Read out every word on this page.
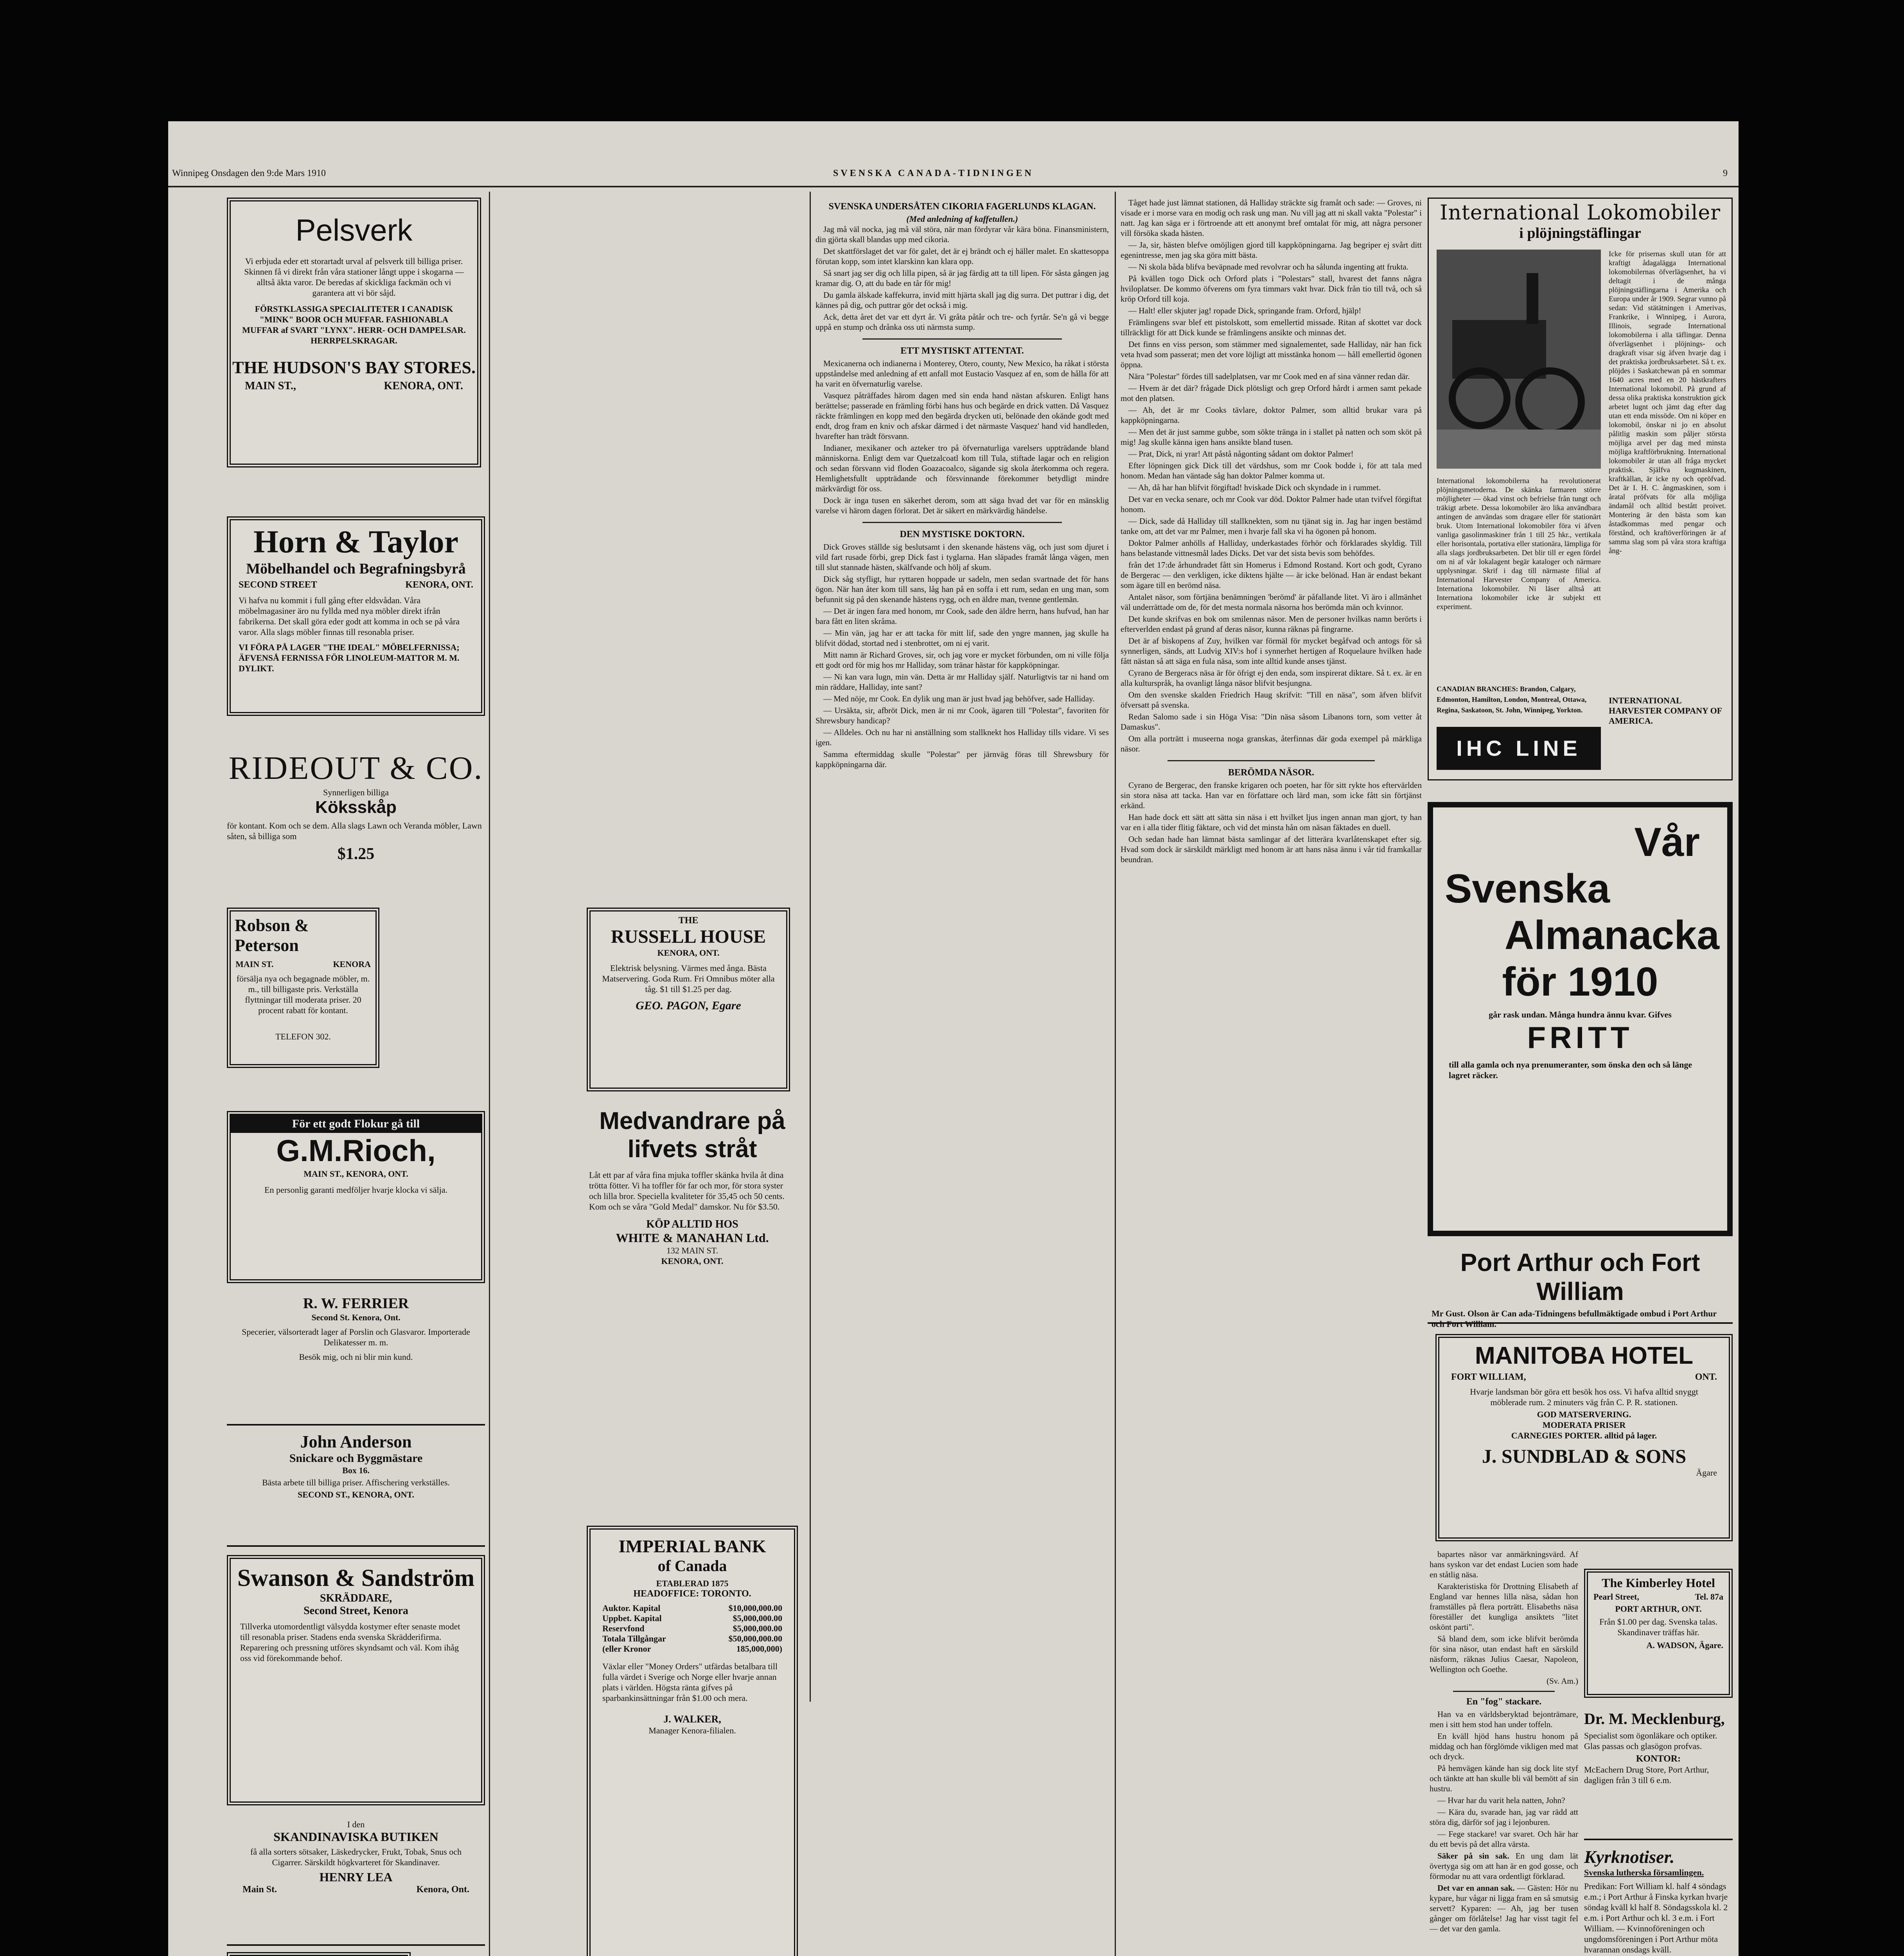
Winnipeg Onsdagen den 9:de Mars 1910	SVENSKA CANADA-TIDNINGEN	9
Pelsverk
Vi erbjuda eder ett storartadt urval af pelsverk till billiga priser. Skinnen få vi direkt från våra stationer långt uppe i skogarna — alltså äkta varor. De beredas af skickliga fackmän och vi garantera att vi bör såjd.
FÖRSTKLASSIGA SPECIALITETER I CANADISK "MINK" BOOR OCH MUFFAR. FASHIONABLA MUFFAR af SVART "LYNX". HERR- OCH DAMPELSAR. HERRPELSKRAGAR.
THE HUDSON'S BAY STORES.
MAIN ST.,	KENORA, ONT.
Horn & Taylor
Möbelhandel och Begrafningsbyrå
SECOND STREET	KENORA, ONT.
Vi hafva nu kommit i full gång efter eldsvådan. Våra möbelmagasiner äro nu fyllda med nya möbler direkt ifrån fabrikerna. Det skall göra eder godt att komma in och se på våra varor. Alla slags möbler finnas till resonabla priser.
VI FÖRA PÅ LAGER "THE IDEAL" MÖBELFERNISSA; ÄFVENSÅ FERNISSA FÖR LINOLEUM-MATTOR M. M. DYLIKT.
RIDEOUT & CO.
Synnerligen billiga
Köksskåp
för kontant. Kom och se dem. Alla slags Lawn och Veranda möbler, Lawn såten, så billiga som
$1.25
Robson & Peterson
MAIN ST.	KENORA
försälja nya och begagnade möbler, m. m., till billigaste pris. Verkställa flyttningar till moderata priser. 20 procent rabatt för kontant.
TELEFON 302.
THE
RUSSELL HOUSE
KENORA, ONT.
Elektrisk belysning. Värmes med ånga. Bästa Matservering. Goda Rum. Fri Omnibus möter alla tåg. $1 till $1.25 per dag.
GEO. PAGON, Egare
För ett godt Flokur gå till
G.M.Rioch,
MAIN ST., KENORA, ONT.
En personlig garanti medföljer hvarje klocka vi sälja.
R. W. FERRIER
Second St. Kenora, Ont.
Specerier, välsorteradt lager af Porslin och Glasvaror. Importerade Delikatesser m. m.
Besök mig, och ni blir min kund.
John Anderson
Snickare och Byggmästare
Box 16.
Bästa arbete till billiga priser. Affischering verkställes.
SECOND ST., KENORA, ONT.
Swanson & Sandström
SKRÄDDARE,
Second Street, Kenora
Tillverka utomordentligt välsydda kostymer efter senaste modet till resonabla priser. Stadens enda svenska Skrädderifirma. Reparering och pressning utföres skyndsamt och väl. Kom ihåg oss vid förekommande behof.
I den
SKANDINAVISKA BUTIKEN
få alla sorters sötsaker, Läskedrycker, Frukt, Tobak, Snus och Cigarrer. Särskildt högkvarteret för Skandinaver.
HENRY LEA
Main St.	Kenora, Ont.
Medvandrare på lifvets stråt
Låt ett par af våra fina mjuka toffler skänka hvila åt dina trötta fötter. Vi ha toffler för far och mor, för stora syster och lilla bror. Speciella kvaliteter för 35,45 och 50 cents. Kom och se våra "Gold Medal" damskor. Nu för $3.50.
KÖP ALLTID HOS
WHITE & MANAHAN Ltd.
132 MAIN ST.
KENORA, ONT.
IMPERIAL BANK
of Canada
ETABLERAD 1875
HEADOFFICE: TORONTO.
Auktor. Kapital	$10,000,000.00
Uppbet. Kapital	$5,000,000.00
Reservfond	$5,000,000.00
Totala Tillgångar	$50,000,000.00
(eller Kronor	185,000,000)
Växlar eller "Money Orders" utfärdas betalbara till fulla värdet i Sverige och Norge eller hvarje annan plats i världen. Högsta ränta gifves på sparbankinsättningar från $1.00 och mera.
J. WALKER,
Manager Kenora-filialen.
SVENSKA UNDERSÅTEN CIKORIA FAGERLUNDS KLAGAN.
(Med anledning af kaffetullen.)

Jag må väl nocka, jag må väl störa, när man fördyrar vår kära böna. Finansministern, din gjörta skall blandas upp med cikoria.

Det skattförslaget det var för galet, det är ej brändt och ej häller malet. En skattesoppa förutan kopp, som intet klarskinn kan klara opp.

Så snart jag ser dig och lilla pipen, så är jag färdig att ta till lipen. För såsta gången jag kramar dig. O, att du bade en tår för mig!

Du gamla älskade kaffekurra, invid mitt hjärta skall jag dig surra. Det puttrar i dig, det kännes på dig, och puttrar gör det också i mig.

Ack, detta året det var ett dyrt år. Vi gråta påtår och tre- och fyrtår. Se'n gå vi begge uppå en stump och drånka oss uti närmsta sump.

ETT MYSTISKT ATTENTAT.

Mexicanerna och indianerna i Monterey, Otero, county, New Mexico, ha råkat i största uppståndelse med anledning af ett anfall mot Eustacio Vasquez af en, som de hålla för att ha varit en öfvernaturlig varelse.

Vasquez påträffades härom dagen med sin enda hand nästan afskuren. Enligt hans berättelse; passerade en främling förbi hans hus och begärde en drick vatten. Då Vasquez räckte främlingen en kopp med den begärda drycken uti, belönade den okände godt med endt, drog fram en kniv och afskar därmed i det närmaste Vasquez' hand vid handleden, hvarefter han trädt försvann.

Indianer, mexikaner och azteker tro på öfvernaturliga varelsers uppträdande bland människorna. Enligt dem var Quetzalcoatl kom till Tula, stiftade lagar och en religion och sedan försvann vid floden Goazacoalco, sägande sig skola återkomma och regera. Hemlighetsfullt uppträdande och försvinnande förekommer betydligt mindre märkvärdigt för oss.

Dock är inga tusen en säkerhet derom, som att säga hvad det var för en mänsklig varelse vi härom dagen förlorat. Det är säkert en märkvärdig händelse.

DEN MYSTISKE DOKTORN.

Dick Groves ställde sig beslutsamt i den skenande hästens väg, och just som djuret i vild fart rusade förbi, grep Dick fast i tyglarna. Han släpades framåt långa vägen, men till slut stannade hästen, skälfvande och hölj af skum.

Dick såg styfligt, hur ryttaren hoppade ur sadeln, men sedan svartnade det för hans ögon. När han åter kom till sans, låg han på en soffa i ett rum, sedan en ung man, som befunnit sig på den skenande hästens rygg, och en äldre man, tvenne gentlemän.

— Det är ingen fara med honom, mr Cook, sade den äldre herrn, hans hufvud, han har bara fått en liten skråma.

— Min vän, jag har er att tacka för mitt lif, sade den yngre mannen, jag skulle ha blifvit dödad, stortad ned i stenbrottet, om ni ej varit.

Mitt namn är Richard Groves, sir, och jag vore er mycket förbunden, om ni ville följa ett godt ord för mig hos mr Halliday, som tränar hästar för kappköpningar.

— Ni kan vara lugn, min vän. Detta är mr Halliday själf. Naturligtvis tar ni hand om min räddare, Halliday, inte sant?

— Med nöje, mr Cook. En dylik ung man är just hvad jag behöfver, sade Halliday.

— Ursäkta, sir, afbröt Dick, men är ni mr Cook, ägaren till "Polestar", favoriten för Shrewsbury handicap?

— Alldeles. Och nu har ni anställning som stallknekt hos Halliday tills vidare. Vi ses igen.

Samma eftermiddag skulle "Polestar" per järnväg föras till Shrewsbury för kappköpningarna där.

Tåget hade just lämnat stationen, då Halliday sträckte sig framåt och sade: — Groves, ni visade er i morse vara en modig och rask ung man. Nu vill jag att ni skall vakta "Polestar" i natt. Jag kan säga er i förtroende att ett anonymt bref omtalat för mig, att några personer vill försöka skada hästen.

— Ja, sir, hästen blefve omöjligen gjord till kappköpningarna. Jag begriper ej svårt ditt egenintresse, men jag ska göra mitt bästa.

— Ni skola båda blifva beväpnade med revolvrar och ha sålunda ingenting att frukta.

På kvällen togo Dick och Orford plats i "Polestars" stall, hvarest det fanns några hviloplatser. De kommo öfverens om fyra timmars vakt hvar. Dick från tio till två, och så kröp Orford till koja.

— Halt! eller skjuter jag! ropade Dick, springande fram. Orford, hjälp!

Främlingens svar blef ett pistolskott, som emellertid missade. Ritan af skottet var dock tillräckligt för att Dick kunde se främlingens ansikte och minnas det.

Det finns en viss person, som stämmer med signalementet, sade Halliday, när han fick veta hvad som passerat; men det vore löjligt att misstänka honom — håll emellertid ögonen öppna.

Nära "Polestar" fördes till sadelplatsen, var mr Cook med en af sina vänner redan där.

— Hvem är det där? frågade Dick plötsligt och grep Orford hårdt i armen samt pekade mot den platsen.

— Ah, det är mr Cooks tävlare, doktor Palmer, som alltid brukar vara på kappköpningarna.

— Men det är just samme gubbe, som sökte tränga in i stallet på natten och som sköt på mig! Jag skulle känna igen hans ansikte bland tusen.

— Prat, Dick, ni yrar! Att påstå någonting sådant om doktor Palmer!

Efter löpningen gick Dick till det värdshus, som mr Cook bodde i, för att tala med honom. Medan han väntade såg han doktor Palmer komma ut.

— Ah, då har han blifvit förgiftad! hviskade Dick och skyndade in i rummet.

Det var en vecka senare, och mr Cook var död. Doktor Palmer hade utan tvifvel förgiftat honom.

— Dick, sade då Halliday till stallknekten, som nu tjänat sig in. Jag har ingen bestämd tanke om, att det var mr Palmer, men i hvarje fall ska vi ha ögonen på honom.

Doktor Palmer anhölls af Halliday, underkastades förhör och förklarades skyldig. Till hans belastande vittnesmål lades Dicks. Det var det sista bevis som behöfdes.

från det 17:de århundradet fått sin Homerus i Edmond Rostand. Kort och godt, Cyrano de Bergerac — den verkligen, icke diktens hjälte — är icke belönad. Han är endast bekant som ägare till en berömd näsa.

Antalet näsor, som förtjäna benämningen 'berömd' är påfallande litet. Vi äro i allmänhet väl underrättade om de, för det mesta normala näsorna hos berömda män och kvinnor.

Det kunde skrifvas en bok om smilennas näsor. Men de personer hvilkas namn berörts i efterverlden endast på grund af deras näsor, kunna räknas på fingrarne.

Det är af biskopens af Zuy, hvilken var förmäl för mycket begåfvad och antogs för så synnerligen, sänds, att Ludvig XIV:s hof i synnerhet hertigen af Roquelaure hvilken hade fått nästan så att säga en fula näsa, som inte alltid kunde anses tjänst.

Cyrano de Bergeracs näsa är för öfrigt ej den enda, som inspirerat diktare. Så t. ex. är en alla kulturspråk, ha ovanligt långa näsor blifvit besjungna.

Om den svenske skalden Friedrich Haug skrifvit: "Till en näsa", som äfven blifvit öfversatt på svenska.

Redan Salomo sade i sin Höga Visa: "Din näsa såsom Libanons torn, som vetter åt Damaskus".

Om alla porträtt i museerna noga granskas, återfinnas där goda exempel på märkliga näsor.

BERÖMDA NÄSOR.

Cyrano de Bergerac, den franske krigaren och poeten, har för sitt rykte hos eftervärlden sin stora näsa att tacka. Han var en författare och lärd man, som icke fått sin förtjänst erkänd.

Han hade dock ett sätt att sätta sin näsa i ett hvilket ljus ingen annan man gjort, ty han var en i alla tider flitig fäktare, och vid det minsta hån om näsan fäktades en duell.

Och sedan hade han lämnat bästa samlingar af det litterära kvarlåtenskapet efter sig. Hvad som dock är särskildt märkligt med honom är att hans näsa ännu i vår tid framkallar beundran.

International Lokomobiler
i plöjningstäflingar
Icke för prisernas skull utan för att kraftigt ådagalägga International lokomobilernas öfverlägsenhet, ha vi deltagit i de många plöjningstäflingarna i Amerika och Europa under år 1909. Segrar vunno på sedan: Vid stätätningen i Amerivas, Frankrike, i Winnipeg, i Aurora, Illinois, segrade International lokomobilerna i alla täflingar. Denna öfverlägsenhet i plöjnings- och dragkraft visar sig äfven hvarje dag i det praktiska jordbruksarbetet. Så t. ex. plöjdes i Saskatchewan på en sommar 1640 acres med en 20 hästkrafters International lokomobil. På grund af dessa olika praktiska konstruktion gick arbetet lugnt och jämt dag efter dag utan ett enda missöde. Om ni köper en lokomobil, önskar ni jo en absolut pålitlig maskin som påljer största möjliga arvel per dag med minsta möjliga kraftförbrukning. International lokomobiler är utan all fråga mycket praktisk. Själfva kugmaskinen, kraftkällan, är icke ny och opröfvad. Det är I. H. C. ångmaskinen, som i åratal pröfvats för alla möjliga ändamål och alltid bestått proivet. Montering är den bästa som kan åstadkommas med pengar och förstånd, och kraftöverföringen är af samma slag som på våra stora kraftiga ång-
International lokomobilerna ha revolutionerat plöjningsmetoderna. De skänka farmaren större möjligheter — ökad vinst och befrielse från tungt och träkigt arbete. Dessa lokomobiler äro lika användbara antingen de användas som dragare eller för stationärt bruk. Utom International lokomobiler föra vi äfven vanliga gasolinmaskiner från 1 till 25 hkr., vertikala eller horisontala, portativa eller stationära, lämpliga för alla slags jordbruksarbeten. Det blir till er egen fördel om ni af vår lokalagent begär kataloger och närmare upplysningar. Skrif i dag till närmaste filial af International Harvester Company of America. Internationa lokomobiler. Ni läser alltså att Internationa lokomobiler icke är subjekt ett experiment.
CANADIAN BRANCHES: Brandon, Calgary, Edmonton, Hamilton, London, Montreal, Ottawa, Regina, Saskatoon, St. John, Winnipeg, Yorkton.
INTERNATIONAL HARVESTER COMPANY OF AMERICA.
IHC LINE
Vår
Svenska
Almanacka
för 1910
går rask undan. Många hundra ännu kvar. Gifves
FRITT
till alla gamla och nya prenumeranter, som önska den och så länge lagret räcker.
Port Arthur och Fort William
Mr Gust. Olson är Can ada-Tidningens befullmäktigade ombud i Port Arthur och Fort William.
MANITOBA HOTEL
FORT WILLIAM,	ONT.
Hvarje landsman bör göra ett besök hos oss. Vi hafva alltid snyggt möblerade rum. 2 minuters väg från C. P. R. stationen.
GOD MATSERVERING.
MODERATA PRISER
CARNEGIES PORTER. alltid på lager.
J. SUNDBLAD & SONS
Ägare
The Kimberley Hotel
Pearl Street,	Tel. 87a
PORT ARTHUR, ONT.
Från $1.00 per dag. Svenska talas. Skandinaver träffas här.
A. WADSON, Ägare.
Dr. M. Mecklenburg,
Specialist som ögonläkare och optiker. Glas passas och glasögon profvas.
KONTOR:
McEachern Drug Store, Port Arthur, dagligen från 3 till 6 e.m.
Kyrknotiser.
Svenska lutherska församlingen.
Predikan: Fort William kl. half 4 söndags e.m.; i Port Arthur å Finska kyrkan hvarje söndag kväll kl half 8. Söndagsskola kl. 2 e.m. i Port Arthur och kl. 3 e.m. i Fort William. — Kvinnoföreningen och ungdomsföreningen i Port Arthur möta hvarannan onsdags kväll.

bapartes näsor var anmärkningsvärd. Af hans syskon var det endast Lucien som hade en ståtlig näsa.

Karakteristiska för Drottning Elisabeth af England var hennes lilla näsa, sådan hon framställes på flera porträtt. Elisabeths näsa föreställer det kungliga ansiktets "litet oskönt parti".

Så bland dem, som icke blifvit berömda för sina näsor, utan endast haft en särskild näsform, räknas Julius Caesar, Napoleon, Wellington och Goethe.

(Sv. Am.)
En "fog" stackare.

Han va en världsberyktad bejonträmare, men i sitt hem stod han under toffeln.

En kväll hjöd hans hustru honom på middag och han förglömde vikligen med mat och dryck.

På hemvägen kände han sig dock lite styf och tänkte att han skulle bli väl bemött af sin hustru.

— Hvar har du varit hela natten, John?

— Kära du, svarade han, jag var rädd att störa dig, därför sof jag i lejonburen.

— Fege stackare! var svaret. Och här har du ett bevis på det allra värsta.

Säker på sin sak. En ung dam lät övertyga sig om att han är en god gosse, och förmodar nu att vara ordentligt förklarad.

Det var en annan sak. — Gästen: Hör nu kypare, hur vågar ni ligga fram en så smutsig servett? Kyparen: — Ah, jag ber tusen gånger om förlåtelse! Jag har visst tagit fel — det var den gamla.
